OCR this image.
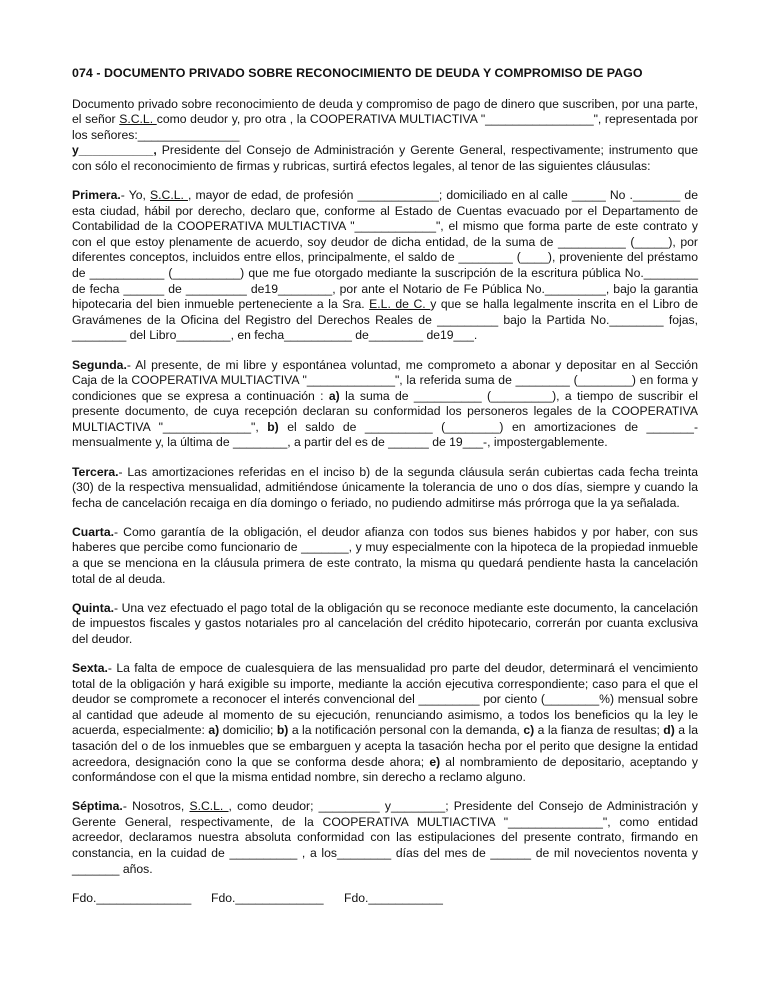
074 - DOCUMENTO PRIVADO SOBRE RECONOCIMIENTO DE DEUDA Y COMPROMISO DE PAGO

Documento privado sobre reconocimiento de deuda y compromiso de pago de dinero que suscriben, por una parte, el señor S.C.L. como deudor y, pro otra , la COOPERATIVA MULTIACTIVA "________________", representada por los señores:_______________
y___________, Presidente del Consejo de Administración y Gerente General, respectivamente; instrumento que con sólo el reconocimiento de firmas y rubricas, surtirá efectos legales, al tenor de las siguientes cláusulas:

Primera.- Yo, S.C.L. , mayor de edad, de profesión ____________; domiciliado en al calle _____ No ._______ de esta ciudad, hábil por derecho, declaro que, conforme al Estado de Cuentas evacuado por el Departamento de Contabilidad de la COOPERATIVA MULTIACTIVA "____________", el mismo que forma parte de este contrato y con el que estoy plenamente de acuerdo, soy deudor de dicha entidad, de la suma de __________ (_____), por diferentes conceptos, incluidos entre ellos, principalmente, el saldo de ________ (____), proveniente del préstamo de ___________ (__________) que me fue otorgado mediante la suscripción de la escritura pública No.________ de fecha ______ de _________ de19________, por ante el Notario de Fe Pública No._________, bajo la garantia hipotecaria del bien inmueble perteneciente a la Sra. E.L. de C. y que se halla legalmente inscrita en el Libro de Gravámenes de la Oficina del Registro del Derechos Reales de _________ bajo la Partida No.________ fojas, ________ del Libro________, en fecha__________ de________ de19___.

Segunda.- Al presente, de mi libre y espontánea voluntad, me comprometo a abonar y depositar en al Sección Caja de la COOPERATIVA MULTIACTIVA "_____________", la referida suma de ________ (________) en forma y condiciones que se expresa a continuación : a) la suma de __________ (_________), a tiempo de suscribir el presente documento, de cuya recepción declaran su conformidad los personeros legales de la COOPERATIVA MULTIACTIVA "_____________", b) el saldo de __________ (________) en amortizaciones de _______- mensualmente y, la última de ________, a partir del es de ______ de 19___-, impostergablemente.

Tercera.- Las amortizaciones referidas en el inciso b) de la segunda cláusula serán cubiertas cada fecha treinta (30) de la respectiva mensualidad, admitiéndose únicamente la tolerancia de uno o dos días, siempre y cuando la fecha de cancelación recaiga en día domingo o feriado, no pudiendo admitirse más prórroga que la ya señalada.

Cuarta.- Como garantía de la obligación, el deudor afianza con todos sus bienes habidos y por haber, con sus haberes que percibe como funcionario de _______, y muy especialmente con la hipoteca de la propiedad inmueble a que se menciona en la cláusula primera de este contrato, la misma qu quedará pendiente hasta la cancelación total de al deuda.

Quinta.- Una vez efectuado el pago total de la obligación qu se reconoce mediante este documento, la cancelación de impuestos fiscales y gastos notariales pro al cancelación del crédito hipotecario, correrán por cuanta exclusiva del deudor.

Sexta.- La falta de empoce de cualesquiera de las mensualidad pro parte del deudor, determinará el vencimiento total de la obligación y hará exigible su importe, mediante la acción ejecutiva correspondiente; caso para el que el deudor se compromete a reconocer el interés convencional del _________ por ciento (________%) mensual sobre al cantidad que adeude al momento de su ejecución, renunciando asimismo, a todos los beneficios qu la ley le acuerda, especialmente: a) domicilio; b) a la notificación personal con la demanda, c) a la fianza de resultas; d) a la tasación del o de los inmuebles que se embarguen y acepta la tasación hecha por el perito que designe la entidad acreedora, designación cono la que se conforma desde ahora; e) al nombramiento de depositario, aceptando y conformándose con el que la misma entidad nombre, sin derecho a reclamo alguno.

Séptima.- Nosotros, S.C.L. , como deudor; _________ y________; Presidente del Consejo de Administración y Gerente General, respectivamente, de la COOPERATIVA MULTIACTIVA "______________", como entidad acreedor, declaramos nuestra absoluta conformidad con las estipulaciones del presente contrato, firmando en constancia, en la cuidad de __________ , a los________ días del mes de ______ de mil novecientos noventa y _______ años.

Fdo.______________	Fdo._____________	Fdo.___________
